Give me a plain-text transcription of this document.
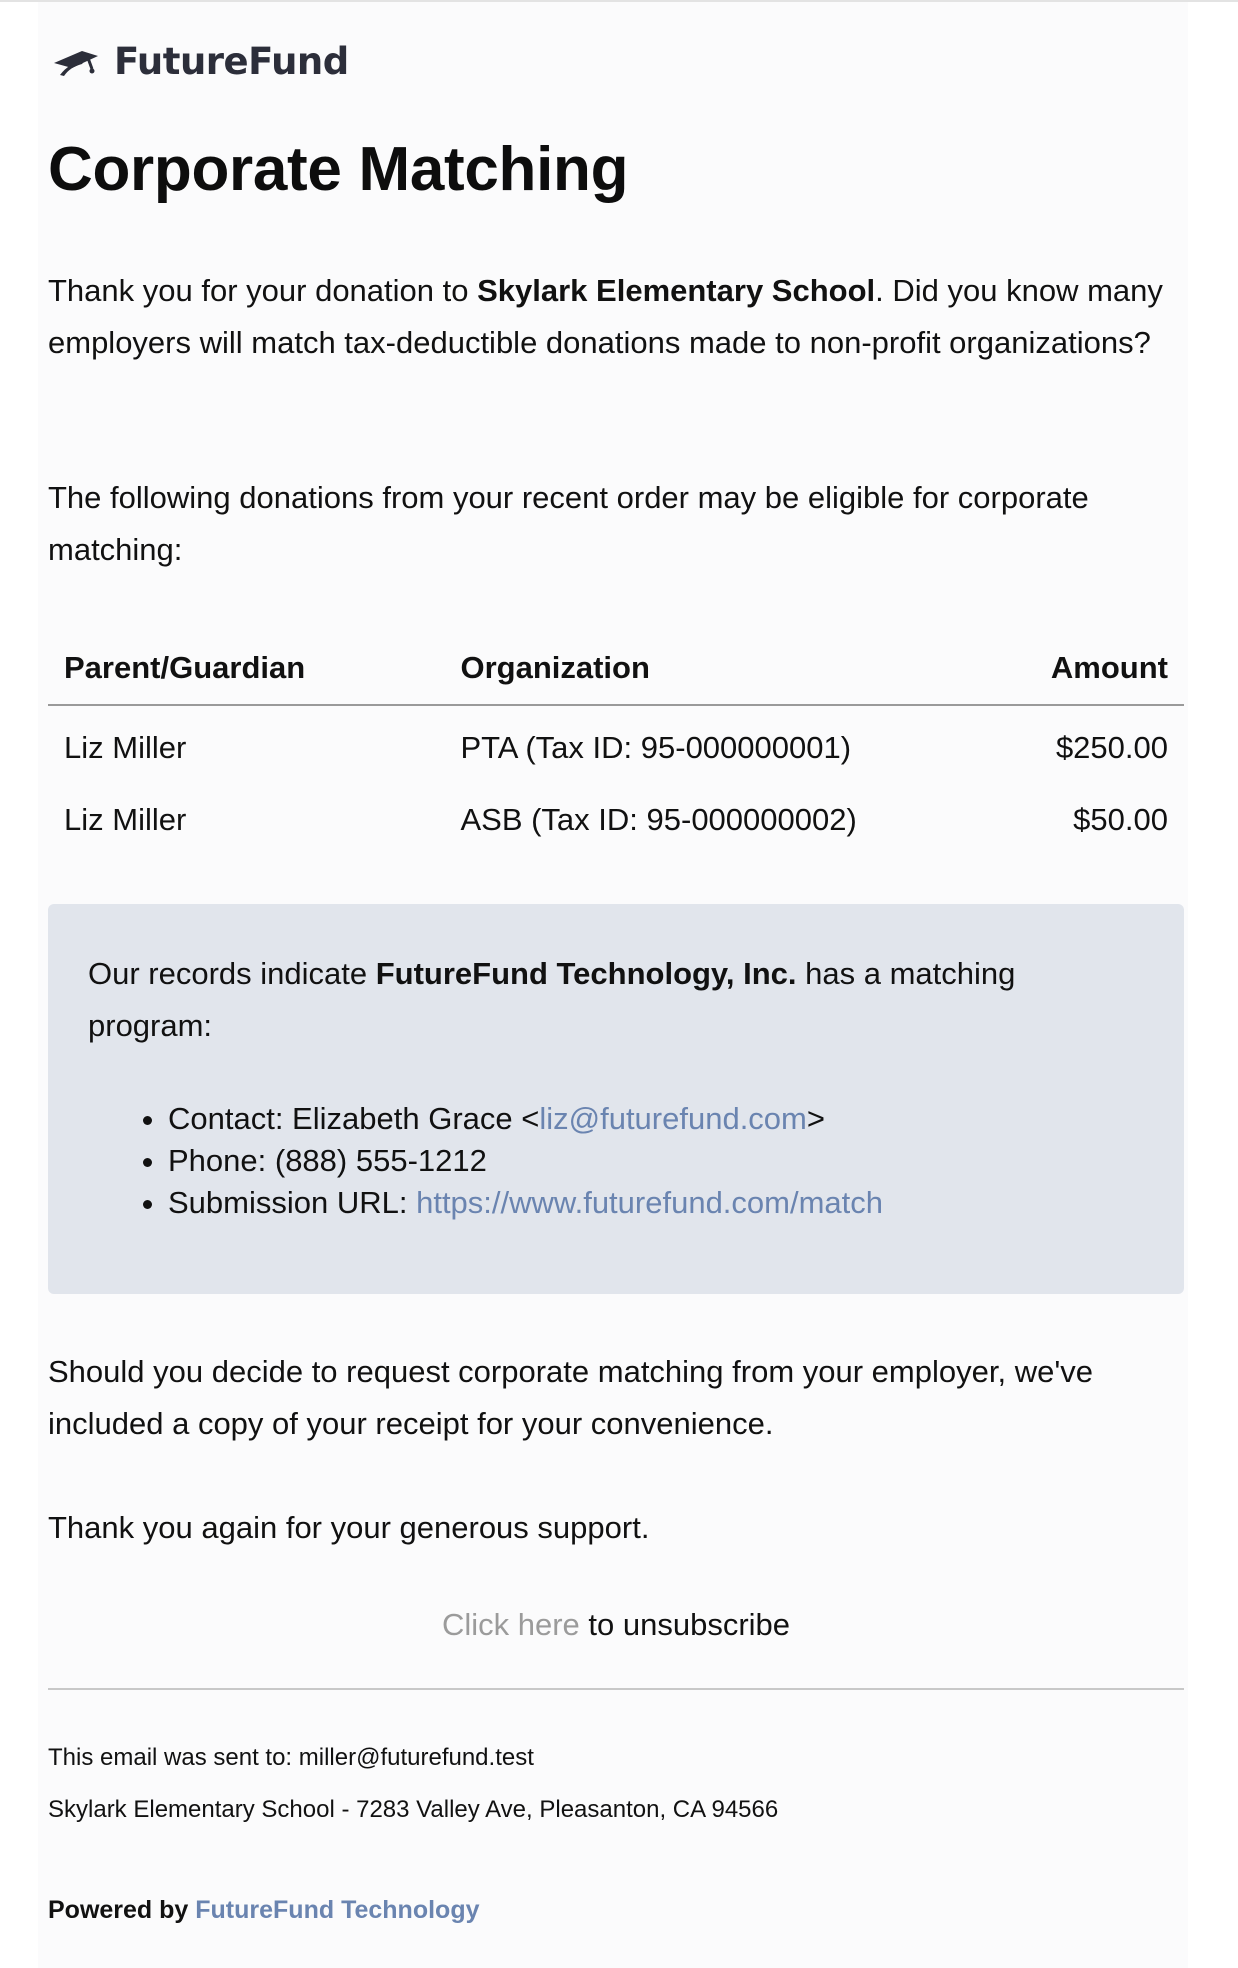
FutureFund
Corporate Matching

Thank you for your donation to Skylark Elementary School. Did you know many employers will match tax-deductible donations made to non-profit organizations?

The following donations from your recent order may be eligible for corporate matching:

Parent/Guardian	Organization	Amount
Liz Miller	PTA (Tax ID: 95-000000001)	$250.00
Liz Miller	ASB (Tax ID: 95-000000002)	$50.00

Our records indicate FutureFund Technology, Inc. has a matching program:

• Contact: Elizabeth Grace <liz@futurefund.com>
• Phone: (888) 555-1212
• Submission URL: https://www.futurefund.com/match

Should you decide to request corporate matching from your employer, we've included a copy of your receipt for your convenience.

Thank you again for your generous support.

Click here to unsubscribe
This email was sent to: miller@futurefund.test
Skylark Elementary School - 7283 Valley Ave, Pleasanton, CA 94566
Powered by FutureFund Technology
